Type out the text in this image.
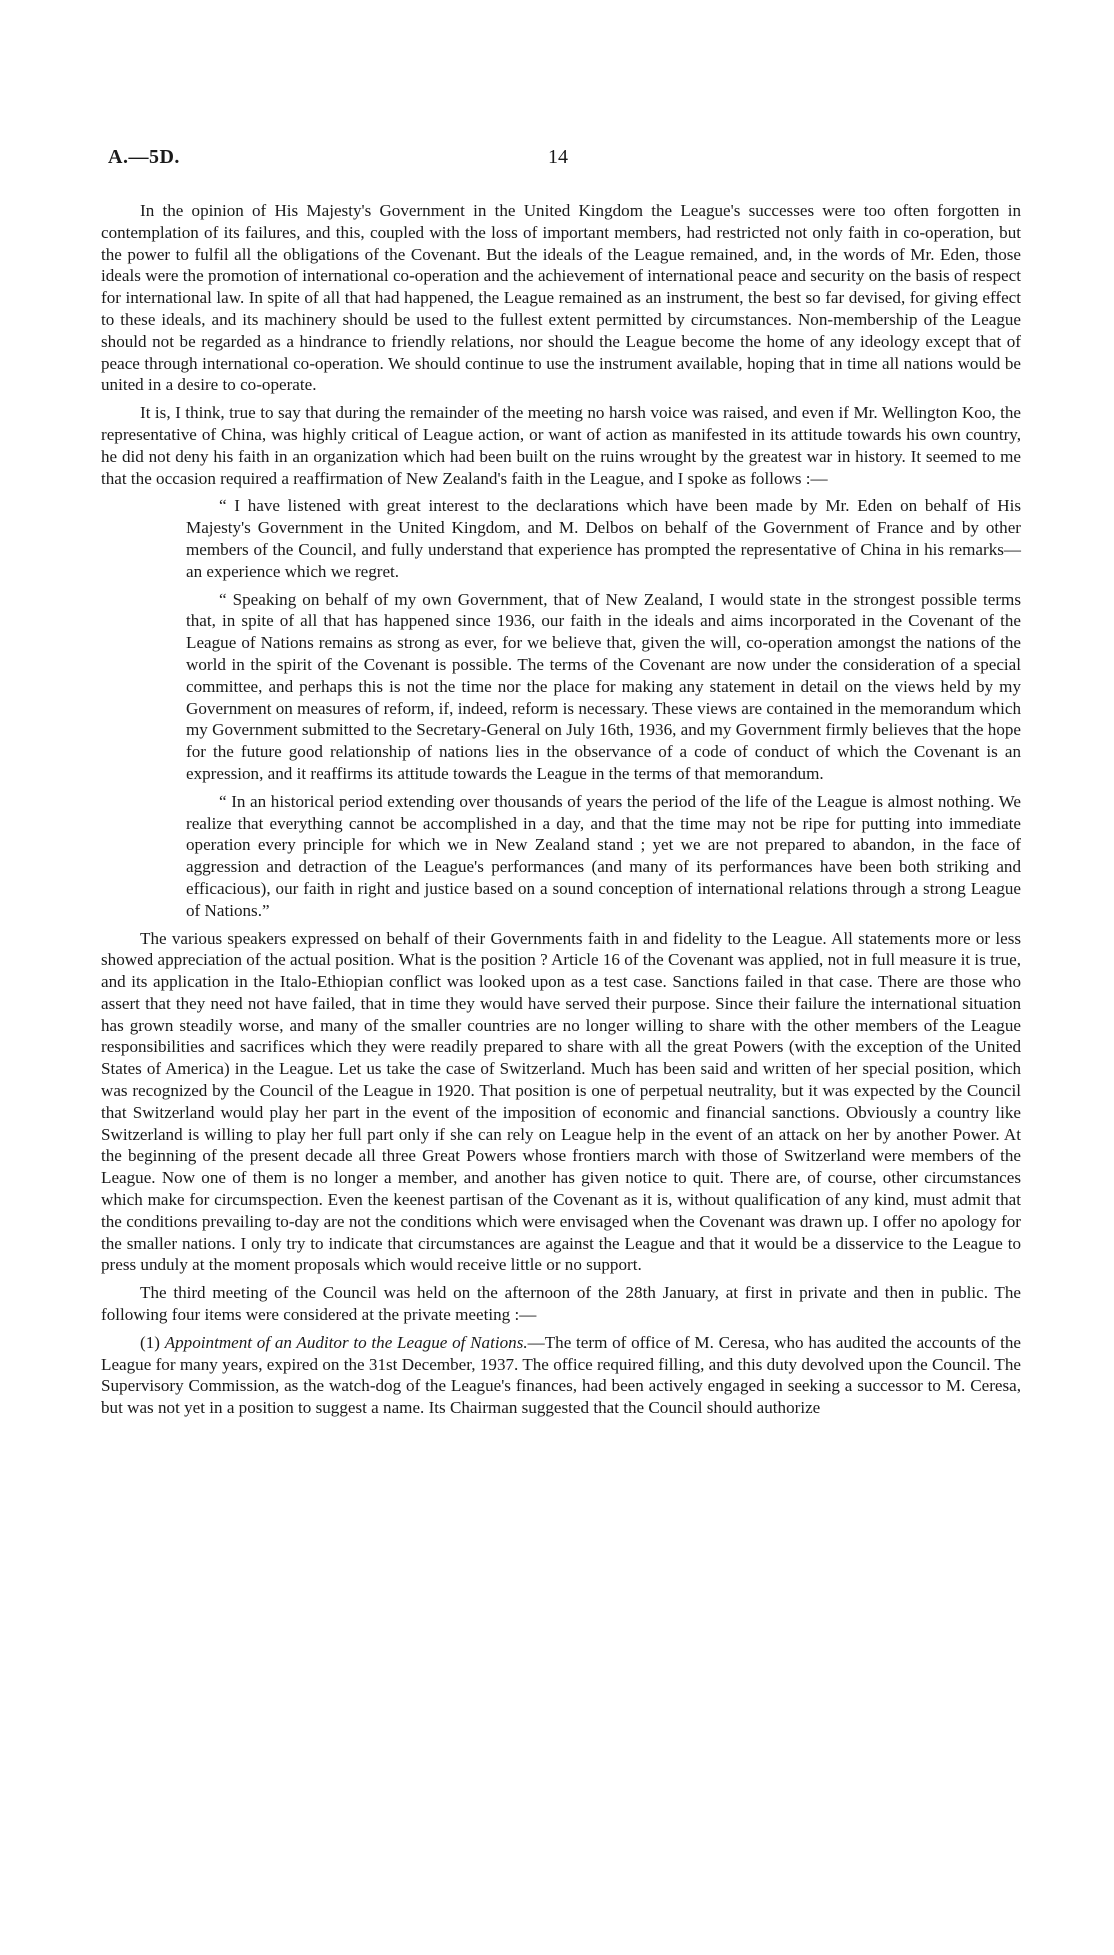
A.—5D.	14

In the opinion of His Majesty's Government in the United Kingdom the League's successes were too often forgotten in contemplation of its failures, and this, coupled with the loss of important members, had restricted not only faith in co-operation, but the power to fulfil all the obligations of the Covenant. But the ideals of the League remained, and, in the words of Mr. Eden, those ideals were the promotion of international co-operation and the achievement of international peace and security on the basis of respect for international law. In spite of all that had happened, the League remained as an instrument, the best so far devised, for giving effect to these ideals, and its machinery should be used to the fullest extent permitted by circumstances. Non-membership of the League should not be regarded as a hindrance to friendly relations, nor should the League become the home of any ideology except that of peace through international co-operation. We should continue to use the instrument available, hoping that in time all nations would be united in a desire to co-operate.

It is, I think, true to say that during the remainder of the meeting no harsh voice was raised, and even if Mr. Wellington Koo, the representative of China, was highly critical of League action, or want of action as manifested in its attitude towards his own country, he did not deny his faith in an organization which had been built on the ruins wrought by the greatest war in history. It seemed to me that the occasion required a reaffirmation of New Zealand's faith in the League, and I spoke as follows :—

“ I have listened with great interest to the declarations which have been made by Mr. Eden on behalf of His Majesty's Government in the United Kingdom, and M. Delbos on behalf of the Government of France and by other members of the Council, and fully understand that experience has prompted the representative of China in his remarks—an experience which we regret.

“ Speaking on behalf of my own Government, that of New Zealand, I would state in the strongest possible terms that, in spite of all that has happened since 1936, our faith in the ideals and aims incorporated in the Covenant of the League of Nations remains as strong as ever, for we believe that, given the will, co-operation amongst the nations of the world in the spirit of the Covenant is possible. The terms of the Covenant are now under the consideration of a special committee, and perhaps this is not the time nor the place for making any statement in detail on the views held by my Government on measures of reform, if, indeed, reform is necessary. These views are contained in the memorandum which my Government submitted to the Secretary-General on July 16th, 1936, and my Government firmly believes that the hope for the future good relationship of nations lies in the observance of a code of conduct of which the Covenant is an expression, and it reaffirms its attitude towards the League in the terms of that memorandum.

“ In an historical period extending over thousands of years the period of the life of the League is almost nothing. We realize that everything cannot be accomplished in a day, and that the time may not be ripe for putting into immediate operation every principle for which we in New Zealand stand ; yet we are not prepared to abandon, in the face of aggression and detraction of the League's performances (and many of its performances have been both striking and efficacious), our faith in right and justice based on a sound conception of international relations through a strong League of Nations.”

The various speakers expressed on behalf of their Governments faith in and fidelity to the League. All statements more or less showed appreciation of the actual position. What is the position ? Article 16 of the Covenant was applied, not in full measure it is true, and its application in the Italo-Ethiopian conflict was looked upon as a test case. Sanctions failed in that case. There are those who assert that they need not have failed, that in time they would have served their purpose. Since their failure the international situation has grown steadily worse, and many of the smaller countries are no longer willing to share with the other members of the League responsibilities and sacrifices which they were readily prepared to share with all the great Powers (with the exception of the United States of America) in the League. Let us take the case of Switzerland. Much has been said and written of her special position, which was recognized by the Council of the League in 1920. That position is one of perpetual neutrality, but it was expected by the Council that Switzerland would play her part in the event of the imposition of economic and financial sanctions. Obviously a country like Switzerland is willing to play her full part only if she can rely on League help in the event of an attack on her by another Power. At the beginning of the present decade all three Great Powers whose frontiers march with those of Switzerland were members of the League. Now one of them is no longer a member, and another has given notice to quit. There are, of course, other circumstances which make for circumspection. Even the keenest partisan of the Covenant as it is, without qualification of any kind, must admit that the conditions prevailing to-day are not the conditions which were envisaged when the Covenant was drawn up. I offer no apology for the smaller nations. I only try to indicate that circumstances are against the League and that it would be a disservice to the League to press unduly at the moment proposals which would receive little or no support.

The third meeting of the Council was held on the afternoon of the 28th January, at first in private and then in public. The following four items were considered at the private meeting :—

(1) Appointment of an Auditor to the League of Nations.—The term of office of M. Ceresa, who has audited the accounts of the League for many years, expired on the 31st December, 1937. The office required filling, and this duty devolved upon the Council. The Supervisory Commission, as the watch-dog of the League's finances, had been actively engaged in seeking a successor to M. Ceresa, but was not yet in a position to suggest a name. Its Chairman suggested that the Council should authorize
